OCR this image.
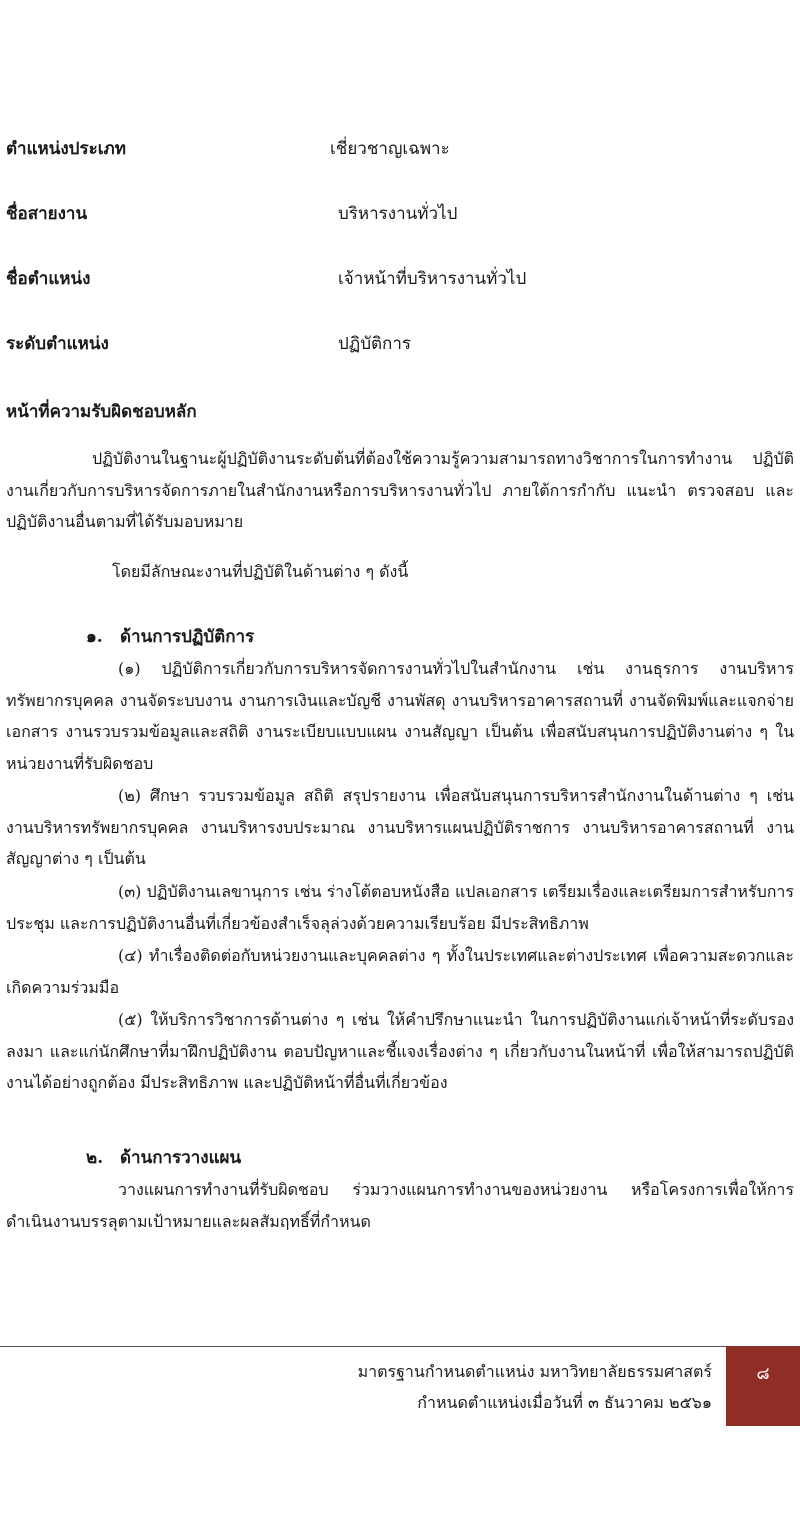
ตำแหน่งประเภท	เชี่ยวชาญเฉพาะ
ชื่อสายงาน	บริหารงานทั่วไป
ชื่อตำแหน่ง	เจ้าหน้าที่บริหารงานทั่วไป
ระดับตำแหน่ง	ปฏิบัติการ
หน้าที่ความรับผิดชอบหลัก

ปฏิบัติงานในฐานะผู้ปฏิบัติงานระดับต้นที่ต้องใช้ความรู้ความสามารถทางวิชาการในการทำงาน ปฏิบัติงานเกี่ยวกับการบริหารจัดการภายในสำนักงานหรือการบริหารงานทั่วไป ภายใต้การกำกับ แนะนำ ตรวจสอบ และปฏิบัติงานอื่นตามที่ได้รับมอบหมาย

โดยมีลักษณะงานที่ปฏิบัติในด้านต่าง ๆ ดังนี้
๑. ด้านการปฏิบัติการ

(๑) ปฏิบัติการเกี่ยวกับการบริหารจัดการงานทั่วไปในสำนักงาน เช่น งานธุรการ งานบริหารทรัพยากรบุคคล งานจัดระบบงาน งานการเงินและบัญชี งานพัสดุ งานบริหารอาคารสถานที่ งานจัดพิมพ์และแจกจ่ายเอกสาร งานรวบรวมข้อมูลและสถิติ งานระเบียบแบบแผน งานสัญญา เป็นต้น เพื่อสนับสนุนการปฏิบัติงานต่าง ๆ ในหน่วยงานที่รับผิดชอบ

(๒) ศึกษา รวบรวมข้อมูล สถิติ สรุปรายงาน เพื่อสนับสนุนการบริหารสำนักงานในด้านต่าง ๆ เช่น งานบริหารทรัพยากรบุคคล งานบริหารงบประมาณ งานบริหารแผนปฏิบัติราชการ งานบริหารอาคารสถานที่ งานสัญญาต่าง ๆ เป็นต้น

(๓) ปฏิบัติงานเลขานุการ เช่น ร่างโต้ตอบหนังสือ แปลเอกสาร เตรียมเรื่องและเตรียมการสำหรับการประชุม และการปฏิบัติงานอื่นที่เกี่ยวข้องสำเร็จลุล่วงด้วยความเรียบร้อย มีประสิทธิภาพ

(๔) ทำเรื่องติดต่อกับหน่วยงานและบุคคลต่าง ๆ ทั้งในประเทศและต่างประเทศ เพื่อความสะดวกและเกิดความร่วมมือ

(๕) ให้บริการวิชาการด้านต่าง ๆ เช่น ให้คำปรึกษาแนะนำ ในการปฏิบัติงานแก่เจ้าหน้าที่ระดับรองลงมา และแก่นักศึกษาที่มาฝึกปฏิบัติงาน ตอบปัญหาและชี้แจงเรื่องต่าง ๆ เกี่ยวกับงานในหน้าที่ เพื่อให้สามารถปฏิบัติงานได้อย่างถูกต้อง มีประสิทธิภาพ และปฏิบัติหน้าที่อื่นที่เกี่ยวข้อง

๒. ด้านการวางแผน

วางแผนการทำงานที่รับผิดชอบ ร่วมวางแผนการทำงานของหน่วยงาน หรือโครงการเพื่อให้การดำเนินงานบรรลุตามเป้าหมายและผลสัมฤทธิ์ที่กำหนด

มาตรฐานกำหนดตำแหน่ง มหาวิทยาลัยธรรมศาสตร์
กำหนดตำแหน่งเมื่อวันที่ ๓ ธันวาคม ๒๕๖๑
๘
